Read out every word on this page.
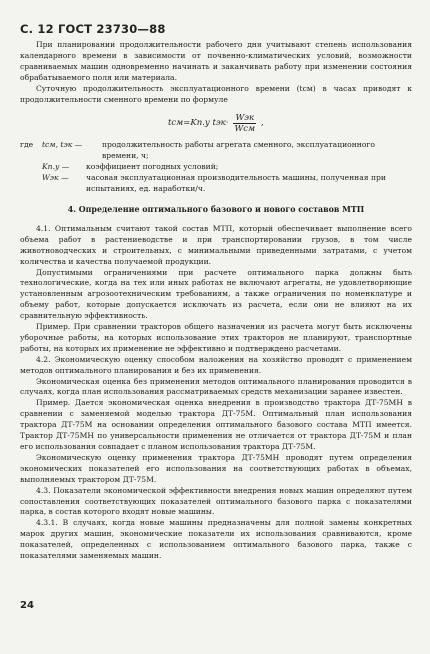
С. 12 ГОСТ 23730—88

При планировании продолжительности рабочего дня учитывают степень использования календарного времени в зависимости от почвенно-климатических условий, возможности сравниваемых машин одновременно начинать и заканчивать работу при изменении состояния обрабатываемого поля или материала.

Суточную продолжительность эксплуатационного времени (tсм) в часах приводят к продолжительности сменного времени по формуле

tсм=Kп.у $tэк\cdot \frac{\text{Wэк}}{\text{Wсм}}$ ,
где	tсм, tэк —	продолжительность работы агрегата сменного, эксплуатационного времени, ч;
Kп.у —	коэффициент погодных условий;
Wэк —	часовая эксплуатационная производительность машины, полученная при испытаниях, ед. наработки/ч.
4. Определение оптимального базового и нового составов МТП

4.1. Оптимальным считают такой состав МТП, который обеспечивает выполнение всего объема работ в растениеводстве и при транспортировании грузов, в том числе животноводческих и строительных, с минимальными приведенными затратами, с учетом количества и качества получаемой продукции.

Допустимыми ограничениями при расчете оптимального парка должны быть технологические, когда на тех или иных работах не включают агрегаты, не удовлетворяющие установленным агрозоотехническим требованиям, а также ограничения по номенклатуре и объему работ, которые допускается исключать из расчета, если они не влияют на их сравнительную эффективность.

Пример. При сравнении тракторов общего назначения из расчета могут быть исключены уборочные работы, на которых использование этих тракторов не планируют, транспортные работы, на которых их применение не эффективно и подтверждено расчетами.

4.2. Экономическую оценку способом наложения на хозяйство проводят с применением методов оптимального планирования и без их применения.

Экономическая оценка без применения методов оптимального планирования проводится в случаях, когда план использования рассматриваемых средств механизации заранее известен.

Пример. Дается экономическая оценка внедрения в производство трактора ДТ-75МН в сравнении с заменяемой моделью трактора ДТ-75М. Оптимальный план использования трактора ДТ-75М на основании определения оптимального базового состава МТП имеется. Трактор ДТ-75МН по универсальности применения не отличается от трактора ДТ-75М и план его использования совпадает с планом использования трактора ДТ-75М.

Экономическую оценку применения трактора ДТ-75МН проводят путем определения экономических показателей его использования на соответствующих работах в объемах, выполняемых трактором ДТ-75М.

4.3. Показатели экономической эффективности внедрения новых машин определяют путем сопоставления соответствующих показателей оптимального базового парка с показателями парка, в состав которого входят новые машины.

4.3.1. В случаях, когда новые машины предназначены для полной замены конкретных марок других машин, экономические показатели их использования сравниваются, кроме показателей, определенных с использованием оптимального базового парка, также с показателями заменяемых машин.

24
